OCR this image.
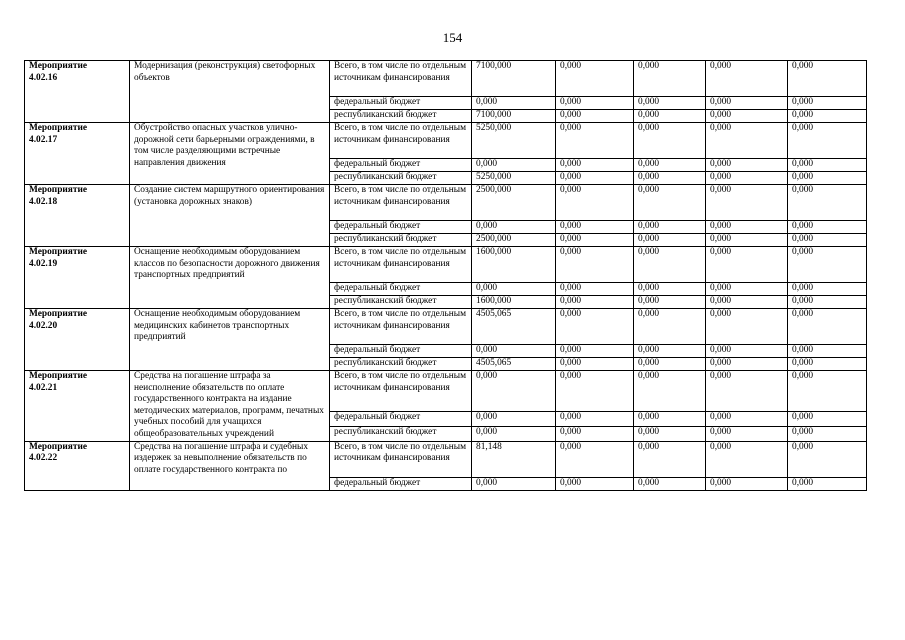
154
Мероприятие
4.02.16	Модернизация (реконструкция) светофорных объектов	Всего, в том числе по отдельным источникам финансирования	7100,000	0,000	0,000	0,000	0,000
		федеральный бюджет	0,000	0,000	0,000	0,000	0,000
		республиканский бюджет	7100,000	0,000	0,000	0,000	0,000

Мероприятие
4.02.17	Обустройство опасных участков улично-дорожной сети барьерными ограждениями, в том числе разделяющими встречные направления движения	Всего, в том числе по отдельным источникам финансирования	5250,000	0,000	0,000	0,000	0,000
		федеральный бюджет	0,000	0,000	0,000	0,000	0,000
		республиканский бюджет	5250,000	0,000	0,000	0,000	0,000

Мероприятие
4.02.18	Создание систем маршрутного ориентирования (установка дорожных знаков)	Всего, в том числе по отдельным источникам финансирования	2500,000	0,000	0,000	0,000	0,000
		федеральный бюджет	0,000	0,000	0,000	0,000	0,000
		республиканский бюджет	2500,000	0,000	0,000	0,000	0,000

Мероприятие
4.02.19	Оснащение необходимым оборудованием классов по безопасности дорожного движения транспортных предприятий	Всего, в том числе по отдельным источникам финансирования	1600,000	0,000	0,000	0,000	0,000
		федеральный бюджет	0,000	0,000	0,000	0,000	0,000
		республиканский бюджет	1600,000	0,000	0,000	0,000	0,000

Мероприятие
4.02.20	Оснащение необходимым оборудованием медицинских кабинетов транспортных предприятий	Всего, в том числе по отдельным источникам финансирования	4505,065	0,000	0,000	0,000	0,000
		федеральный бюджет	0,000	0,000	0,000	0,000	0,000
		республиканский бюджет	4505,065	0,000	0,000	0,000	0,000

Мероприятие
4.02.21	Средства на погашение штрафа за неисполнение обязательств по оплате государственного контракта на издание методических материалов, программ, печатных учебных пособий для учащихся общеобразовательных учреждений	Всего, в том числе по отдельным источникам финансирования	0,000	0,000	0,000	0,000	0,000
		федеральный бюджет	0,000	0,000	0,000	0,000	0,000
		республиканский бюджет	0,000	0,000	0,000	0,000	0,000

Мероприятие
4.02.22	Средства на погашение штрафа и судебных издержек за невыполнение обязательств по оплате государственного контракта по	Всего, в том числе по отдельным источникам финансирования	81,148	0,000	0,000	0,000	0,000
		федеральный бюджет	0,000	0,000	0,000	0,000	0,000
